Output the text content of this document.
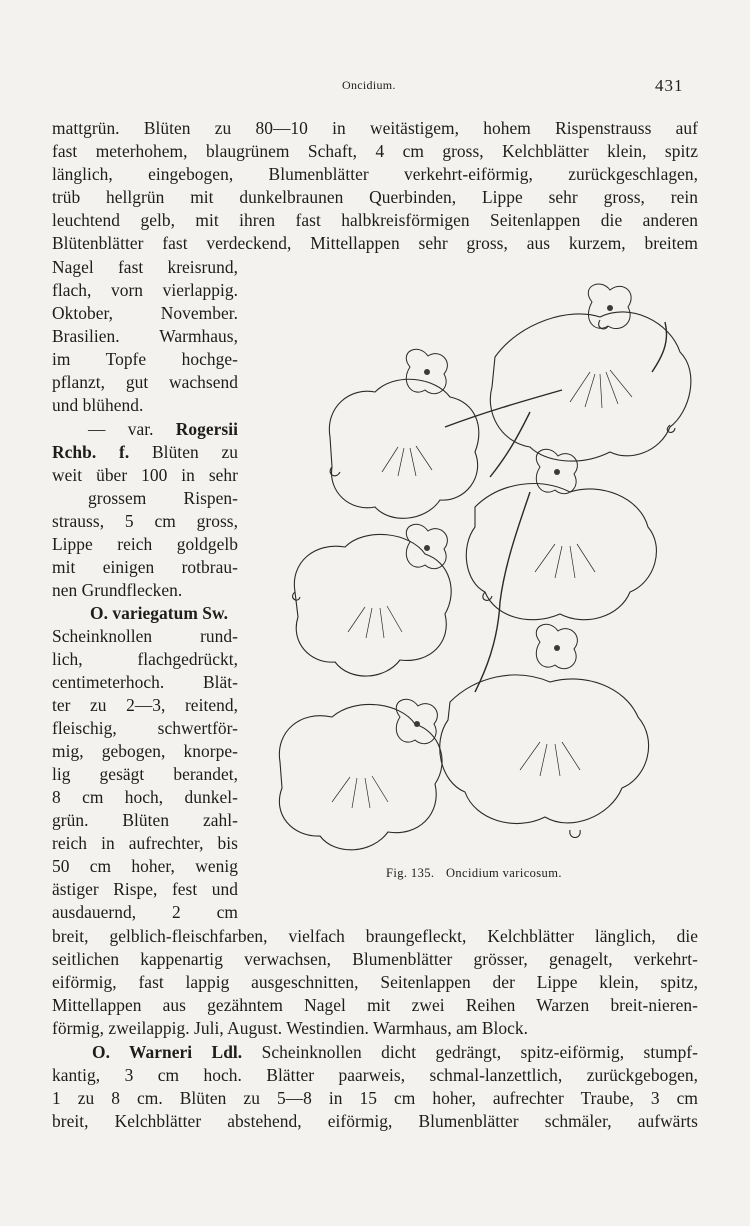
Oncidium.	431
mattgrün. Blüten zu 80—10 in weitästigem, hohem Rispenstrauss auf
fast meterhohem, blaugrünem Schaft, 4 cm gross, Kelchblätter klein, spitz
länglich, eingebogen, Blumenblätter verkehrt-eiförmig, zurückgeschlagen,
trüb hellgrün mit dunkelbraunen Querbinden, Lippe sehr gross, rein
leuchtend gelb, mit ihren fast halbkreisförmigen Seitenlappen die anderen
Blütenblätter fast verdeckend, Mittellappen sehr gross, aus kurzem, breitem
Nagel fast kreisrund,
flach, vorn vierlappig.
Oktober, November.
Brasilien. Warmhaus,
im Topfe hochge-
pflanzt, gut wachsend
und blühend.
— var. Rogersii
Rchb. f. Blüten zu
weit über 100 in sehr
grossem Rispen-
strauss, 5 cm gross,
Lippe reich goldgelb
mit einigen rotbrau-
nen Grundflecken.
O. variegatum Sw.
Scheinknollen rund-
lich, flachgedrückt,
centimeterhoch. Blät-
ter zu 2—3, reitend,
fleischig, schwertför-
mig, gebogen, knorpe-
lig gesägt berandet,
8 cm hoch, dunkel-
grün. Blüten zahl-
reich in aufrechter, bis
50 cm hoher, wenig
ästiger Rispe, fest und
ausdauernd, 2 cm
breit, gelblich-fleischfarben, vielfach braungefleckt, Kelchblätter länglich, die
seitlichen kappenartig verwachsen, Blumenblätter grösser, genagelt, verkehrt-
eiförmig, fast lappig ausgeschnitten, Seitenlappen der Lippe klein, spitz,
Mittellappen aus gezähntem Nagel mit zwei Reihen Warzen breit-nieren-
förmig, zweilappig. Juli, August. Westindien. Warmhaus, am Block.
O. Warneri Ldl. Scheinknollen dicht gedrängt, spitz-eiförmig, stumpf-
kantig, 3 cm hoch. Blätter paarweis, schmal-lanzettlich, zurückgebogen,
1 zu 8 cm. Blüten zu 5—8 in 15 cm hoher, aufrechter Traube, 3 cm
breit, Kelchblätter abstehend, eiförmig, Blumenblätter schmäler, aufwärts
Fig. 135. Oncidium varicosum.
